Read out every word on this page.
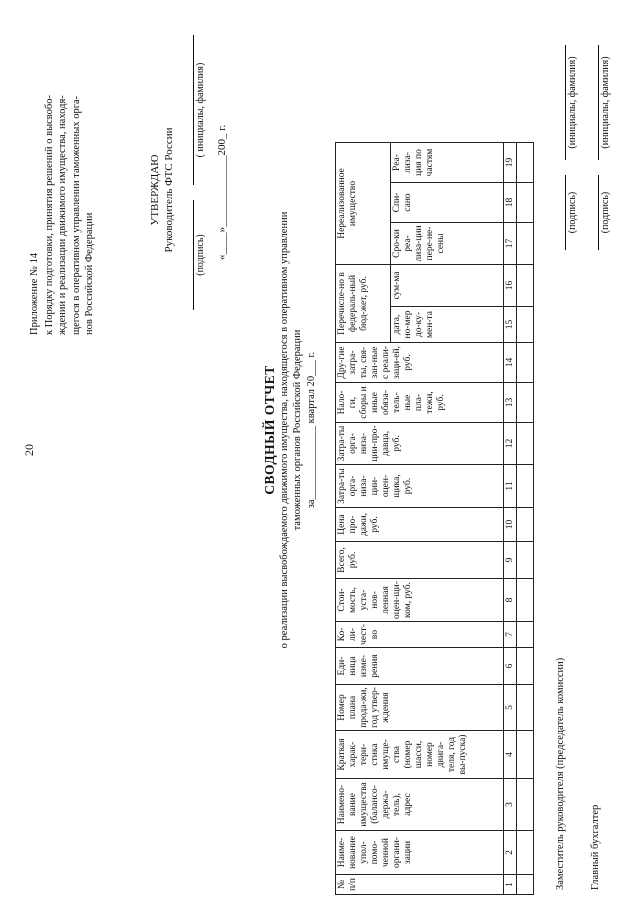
20
Приложение № 14 к Порядку подготовки, принятия решений о высвобо- ждении и реализации движимого имущества, находя- щегося в оперативном управлении таможенных орга- нов Российской Федерации
УТВЕРЖДАЮ Руководитель ФТС России
(подпись)
( инициалы, фамилия)
«____»_____________200_ г.
СВОДНЫЙ ОТЧЕТ о реализации высвобождаемого движимого имущества, находящегося в оперативном управлении таможенных органов Российской Федерации за______________ квартал 20___ г.
№ п/п	Наиме-нование упол-помо-ченной органи-зации	Наимено-вание имущества (балансо-держа-тель), адрес	Краткая харак-тери-стика имуще-ства (номер шасси, номер двига-теля, год вы-пуска)	Номер плана прода-жи, год утвер-ждения	Еди-ница изме-рения	Ко-ли-чест-во	Стои-мость, уста-нов-ленная оцен-щи-ком, руб.	Всего, руб.	Цена про-дажи, руб.	Затра-ты орга-низа-ции-оцен-щика, руб.	Затра-ты орга-низа-ции-про-давца, руб.	Нало-ги, сборы и иные обяза-тель-ные пла-тежи, руб.	Дру-гие затра-ты, свя-зан-ные с реали-заци-ей, руб.	Перечисле-но в федераль-ный бюд-жет, руб.		Нереализованное имущество		
														дата, но-мер до-ку-мен-та	сум-ма	Сро-ки реа-лиза-ции пере-не-сены	Спи-сано	Реа-лиза-ция по частям
1	2	3	4	5	6	7	8	9	10	11	12	13	14	15	16	17	18	19

Заместитель руководителя (председатель комиссии) Главный бухгалтер
(подпись)
(инициалы, фамилия)
(подпись)
(инициалы, фамилия)
